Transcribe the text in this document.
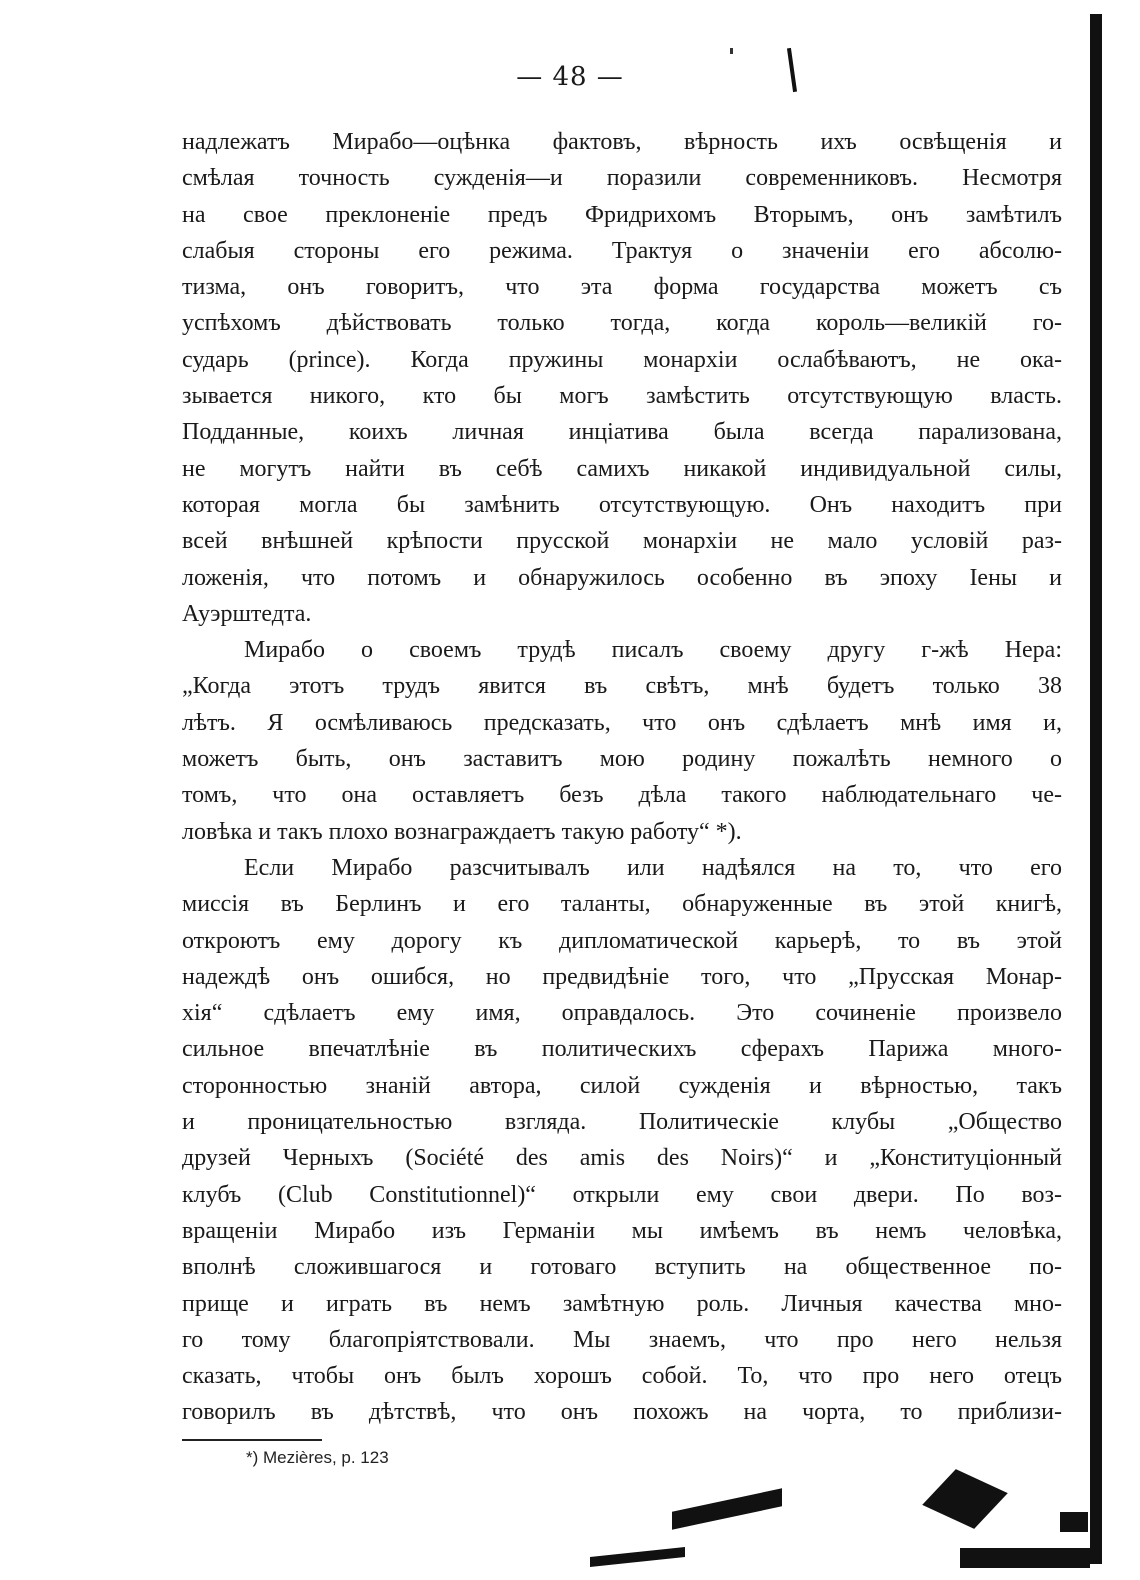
— 48 —

надлежатъ Мирабо—оцѣнка фактовъ, вѣрность ихъ освѣщенія и

смѣлая точность сужденія—и поразили современниковъ. Несмотря

на свое преклоненіе предъ Фридрихомъ Вторымъ, онъ замѣтилъ

слабыя стороны его режима. Трактуя о значеніи его абсолю-

тизма, онъ говоритъ, что эта форма государства можетъ съ

успѣхомъ дѣйствовать только тогда, когда король—великій го-

сударь (prince). Когда пружины монархіи ослабѣваютъ, не ока-

зывается никого, кто бы могъ замѣстить отсутствующую власть.

Подданные, коихъ личная инціатива была всегда парализована,

не могутъ найти въ себѣ самихъ никакой индивидуальной силы,

которая могла бы замѣнить отсутствующую. Онъ находитъ при

всей внѣшней крѣпости прусской монархіи не мало условій раз-

ложенія, что потомъ и обнаружилось особенно въ эпоху Іены и

Ауэрштедта.

Мирабо о своемъ трудѣ писалъ своему другу г-жѣ Нера:

„Когда этотъ трудъ явится въ свѣтъ, мнѣ будетъ только 38

лѣтъ. Я осмѣливаюсь предсказать, что онъ сдѣлаетъ мнѣ имя и,

можетъ быть, онъ заставитъ мою родину пожалѣть немного о

томъ, что она оставляетъ безъ дѣла такого наблюдательнаго че-

ловѣка и такъ плохо вознаграждаетъ такую работу“ *).

Если Мирабо разсчитывалъ или надѣялся на то, что его

миссія въ Берлинъ и его таланты, обнаруженные въ этой книгѣ,

откроютъ ему дорогу къ дипломатической карьерѣ, то въ этой

надеждѣ онъ ошибся, но предвидѣніе того, что „Прусская Монар-

хія“ сдѣлаетъ ему имя, оправдалось. Это сочиненіе произвело

сильное впечатлѣніе въ политическихъ сферахъ Парижа много-

сторонностью знаній автора, силой сужденія и вѣрностью, такъ

и проницательностью взгляда. Политическіе клубы „Общество

друзей Черныхъ (Société des amis des Noirs)“ и „Конституціонный

клубъ (Club Constitutionnel)“ открыли ему свои двери. По воз-

вращеніи Мирабо изъ Германіи мы имѣемъ въ немъ человѣка,

вполнѣ сложившагося и готоваго вступить на общественное по-

прище и играть въ немъ замѣтную роль. Личныя качества мно-

го тому благопріятствовали. Мы знаемъ, что про него нельзя

сказать, чтобы онъ былъ хорошъ собой. То, что про него отецъ

говорилъ въ дѣтствѣ, что онъ похожъ на чорта, то приблизи-

*) Mezières, p. 123
